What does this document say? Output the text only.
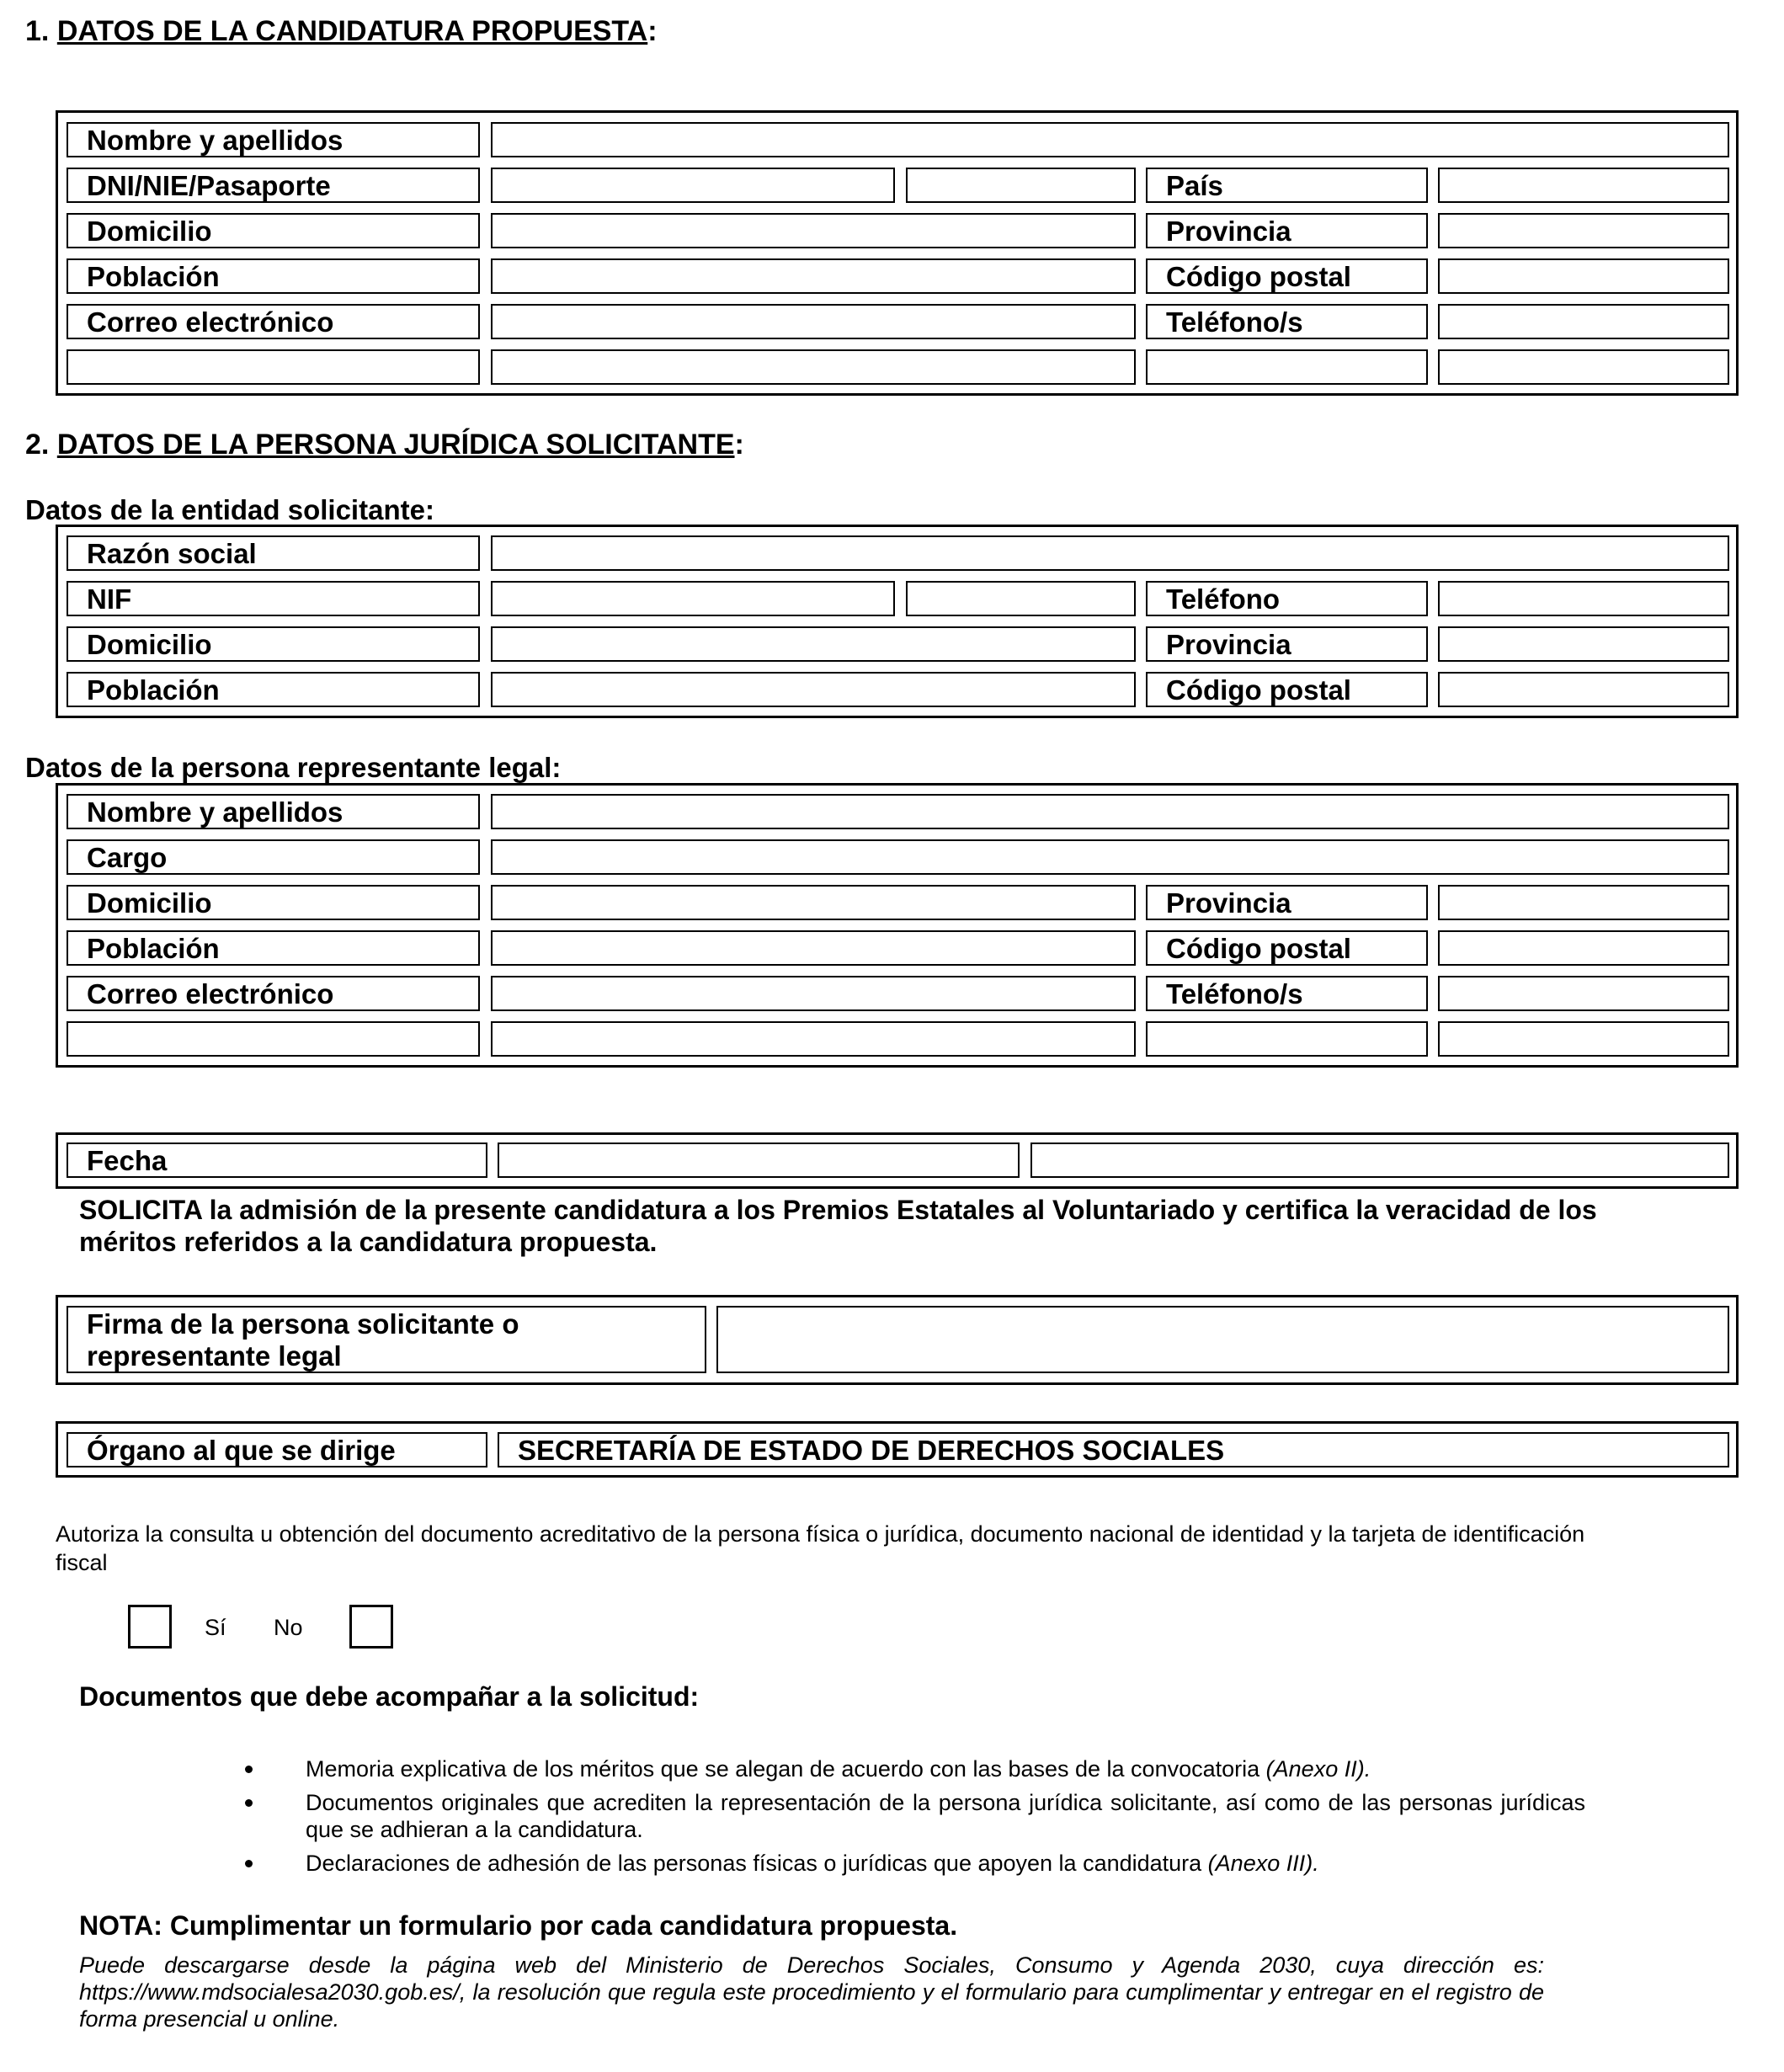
1. DATOS DE LA CANDIDATURA PROPUESTA:
Nombre y apellidos
DNI/NIE/Pasaporte	País
Domicilio	Provincia
Población	Código postal
Correo electrónico	Teléfono/s
2. DATOS DE LA PERSONA JURÍDICA SOLICITANTE:
Datos de la entidad solicitante:
Razón social
NIF	Teléfono
Domicilio	Provincia
Población	Código postal
Datos de la persona representante legal:
Nombre y apellidos
Cargo
Domicilio	Provincia
Población	Código postal
Correo electrónico	Teléfono/s
Fecha
SOLICITA la admisión de la presente candidatura a los Premios Estatales al Voluntariado y certifica la veracidad de los méritos referidos a la candidatura propuesta.
Firma de la persona solicitante o representante legal
Órgano al que se dirige	SECRETARÍA DE ESTADO DE DERECHOS SOCIALES
Autoriza la consulta u obtención del documento acreditativo de la persona física o jurídica, documento nacional de identidad y la tarjeta de identificación fiscal
Sí No
Documentos que debe acompañar a la solicitud:
Memoria explicativa de los méritos que se alegan de acuerdo con las bases de la convocatoria (Anexo II).
Documentos originales que acrediten la representación de la persona jurídica solicitante, así como de las personas jurídicas que se adhieran a la candidatura.
Declaraciones de adhesión de las personas físicas o jurídicas que apoyen la candidatura (Anexo III).
NOTA: Cumplimentar un formulario por cada candidatura propuesta.
Puede descargarse desde la página web del Ministerio de Derechos Sociales, Consumo y Agenda 2030, cuya dirección es: https://www.mdsocialesa2030.gob.es/, la resolución que regula este procedimiento y el formulario para cumplimentar y entregar en el registro de forma presencial u online.
